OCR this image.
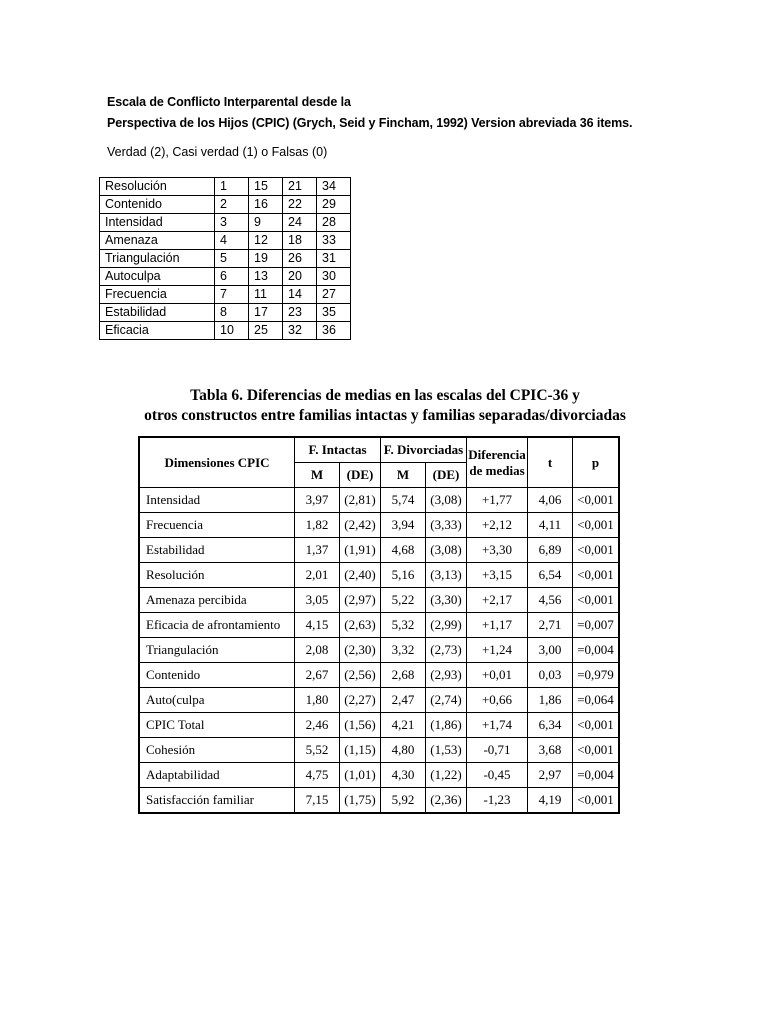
Escala de Conflicto Interparental desde la
Perspectiva de los Hijos (CPIC) (Grych, Seid y Fincham, 1992) Version abreviada 36 items.
Verdad (2), Casi verdad (1) o Falsas (0)
Resolución	1	15	21	34
Contenido	2	16	22	29
Intensidad	3	9	24	28
Amenaza	4	12	18	33
Triangulación	5	19	26	31
Autoculpa	6	13	20	30
Frecuencia	7	11	14	27
Estabilidad	8	17	23	35
Eficacia	10	25	32	36
Tabla 6. Diferencias de medias en las escalas del CPIC-36 y
otros constructos entre familias intactas y familias separadas/divorciadas
Dimensiones CPIC	F. Intactas		F. Divorciadas		Diferencia de medias	t	p
	M	(DE)	M	(DE)			
Intensidad	3,97	(2,81)	5,74	(3,08)	+1,77	4,06	<0,001
Frecuencia	1,82	(2,42)	3,94	(3,33)	+2,12	4,11	<0,001
Estabilidad	1,37	(1,91)	4,68	(3,08)	+3,30	6,89	<0,001
Resolución	2,01	(2,40)	5,16	(3,13)	+3,15	6,54	<0,001
Amenaza percibida	3,05	(2,97)	5,22	(3,30)	+2,17	4,56	<0,001
Eficacia de afrontamiento	4,15	(2,63)	5,32	(2,99)	+1,17	2,71	=0,007
Triangulación	2,08	(2,30)	3,32	(2,73)	+1,24	3,00	=0,004
Contenido	2,67	(2,56)	2,68	(2,93)	+0,01	0,03	=0,979
Auto(culpa	1,80	(2,27)	2,47	(2,74)	+0,66	1,86	=0,064
CPIC Total	2,46	(1,56)	4,21	(1,86)	+1,74	6,34	<0,001
Cohesión	5,52	(1,15)	4,80	(1,53)	-0,71	3,68	<0,001
Adaptabilidad	4,75	(1,01)	4,30	(1,22)	-0,45	2,97	=0,004
Satisfacción familiar	7,15	(1,75)	5,92	(2,36)	-1,23	4,19	<0,001
